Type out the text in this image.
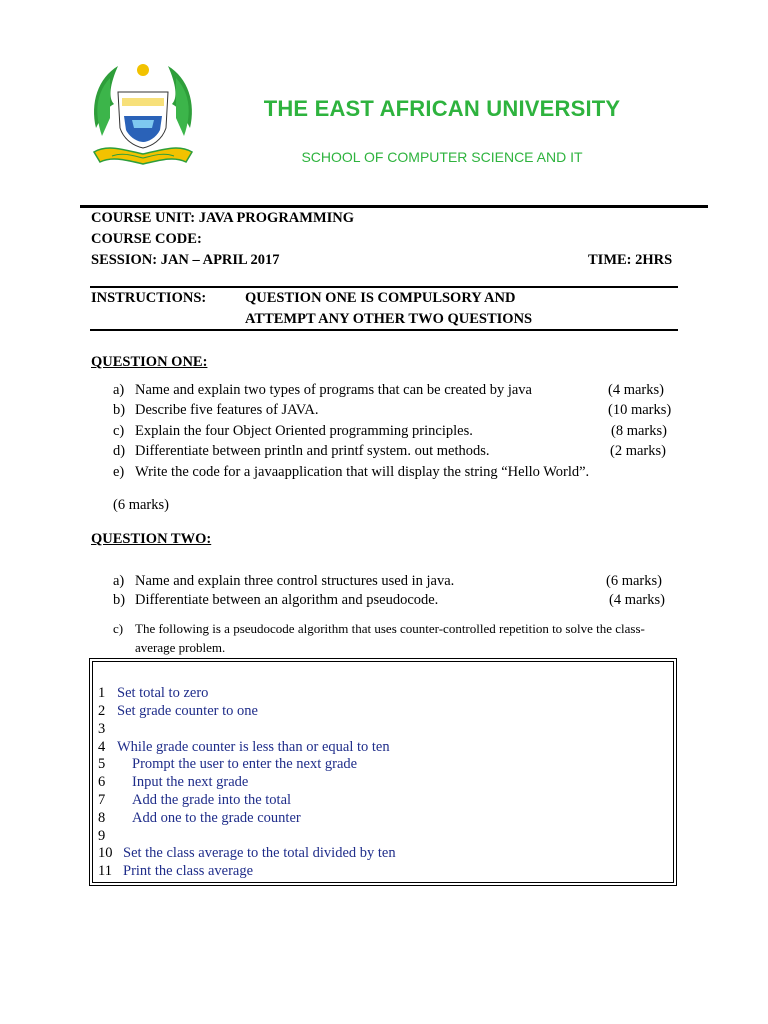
THE EAST AFRICAN UNIVERSITY
SCHOOL OF COMPUTER SCIENCE AND IT
COURSE UNIT: JAVA PROGRAMMING
COURSE CODE:
SESSION: JAN – APRIL 2017	TIME: 2HRS
INSTRUCTIONS:	QUESTION ONE IS COMPULSORY AND
ATTEMPT ANY OTHER TWO QUESTIONS
QUESTION ONE:
a) Name and explain two types of programs that can be created by java	(4 marks)
b) Describe five features of JAVA.	(10 marks)
c) Explain the four Object Oriented programming principles.	(8 marks)
d) Differentiate between println and printf system. out methods.	(2 marks)
e) Write the code for a javaapplication that will display the string “Hello World”.
(6 marks)
QUESTION TWO:
a) Name and explain three control structures used in java.	(6 marks)
b) Differentiate between an algorithm and pseudocode.	(4 marks)
c) The following is a pseudocode algorithm that uses counter-controlled repetition to solve the class-
average problem.
1 Set total to zero
2 Set grade counter to one
3
4 While grade counter is less than or equal to ten
5 Prompt the user to enter the next grade
6 Input the next grade
7 Add the grade into the total
8 Add one to the grade counter
9
10 Set the class average to the total divided by ten
11 Print the class average
